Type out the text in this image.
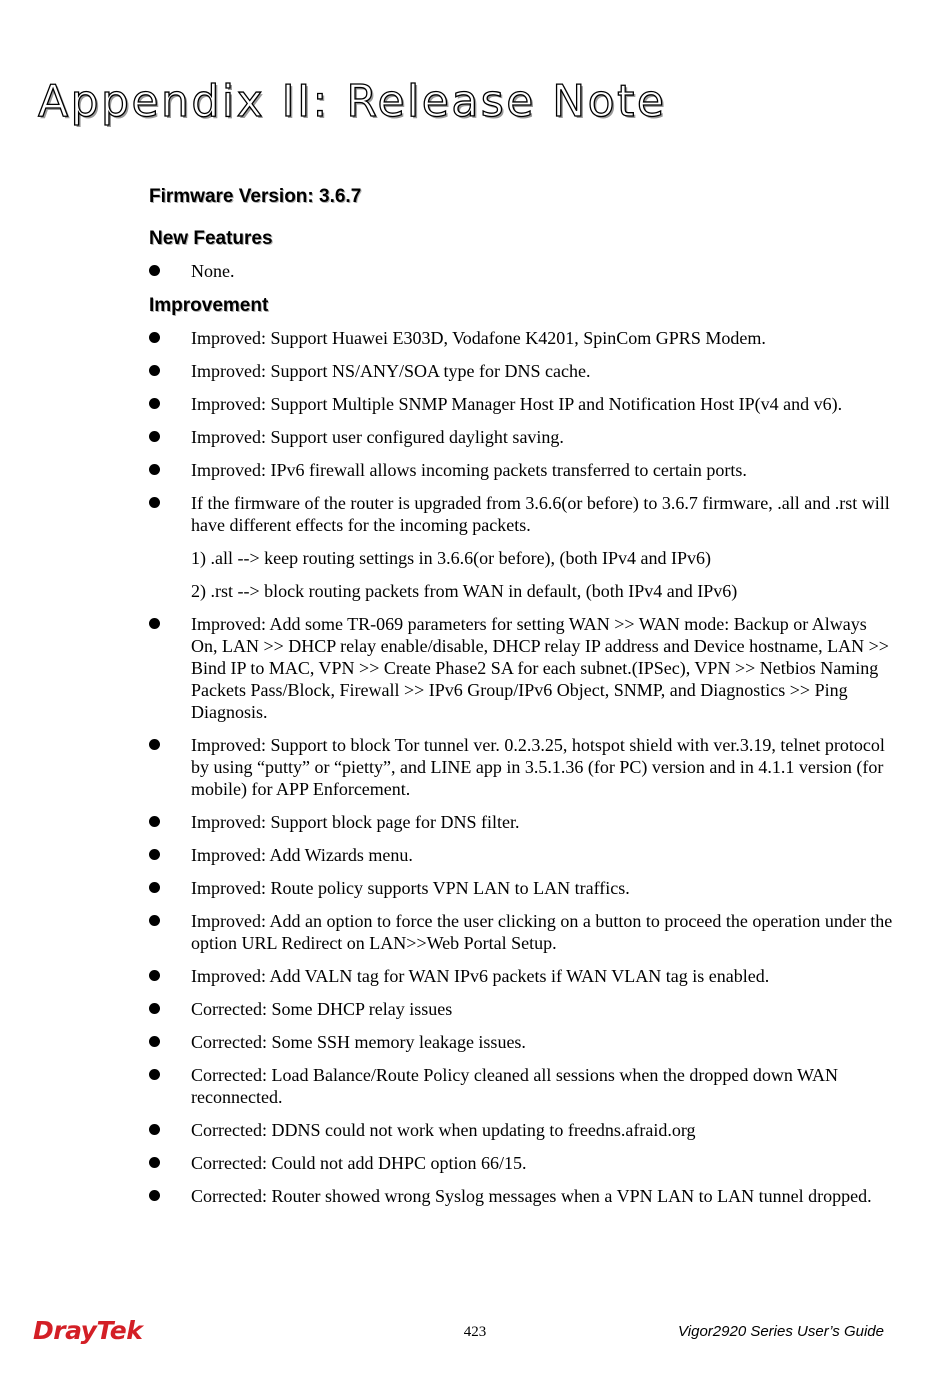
Appendix II: Release Note
Firmware Version: 3.6.7
New Features
None.
Improvement
Improved: Support Huawei E303D, Vodafone K4201, SpinCom GPRS Modem.
Improved: Support NS/ANY/SOA type for DNS cache.
Improved: Support Multiple SNMP Manager Host IP and Notification Host IP(v4 and v6).
Improved: Support user configured daylight saving.
Improved: IPv6 firewall allows incoming packets transferred to certain ports.
If the firmware of the router is upgraded from 3.6.6(or before) to 3.6.7 firmware, .all and .rst will have different effects for the incoming packets.
1) .all --> keep routing settings in 3.6.6(or before), (both IPv4 and IPv6)
2) .rst --> block routing packets from WAN in default, (both IPv4 and IPv6)
Improved: Add some TR-069 parameters for setting WAN >> WAN mode: Backup or Always On, LAN >> DHCP relay enable/disable, DHCP relay IP address and Device hostname, LAN >> Bind IP to MAC, VPN >> Create Phase2 SA for each subnet.(IPSec), VPN >> Netbios Naming Packets Pass/Block, Firewall >> IPv6 Group/IPv6 Object, SNMP, and Diagnostics >> Ping Diagnosis.
Improved: Support to block Tor tunnel ver. 0.2.3.25, hotspot shield with ver.3.19, telnet protocol by using “putty” or “pietty”, and LINE app in 3.5.1.36 (for PC) version and in 4.1.1 version (for mobile) for APP Enforcement.
Improved: Support block page for DNS filter.
Improved: Add Wizards menu.
Improved: Route policy supports VPN LAN to LAN traffics.
Improved: Add an option to force the user clicking on a button to proceed the operation under the option URL Redirect on LAN>>Web Portal Setup.
Improved: Add VALN tag for WAN IPv6 packets if WAN VLAN tag is enabled.
Corrected: Some DHCP relay issues
Corrected: Some SSH memory leakage issues.
Corrected: Load Balance/Route Policy cleaned all sessions when the dropped down WAN reconnected.
Corrected: DDNS could not work when updating to freedns.afraid.org
Corrected: Could not add DHPC option 66/15.
Corrected: Router showed wrong Syslog messages when a VPN LAN to LAN tunnel dropped.
DrayTek	423	Vigor2920 Series User’s Guide
